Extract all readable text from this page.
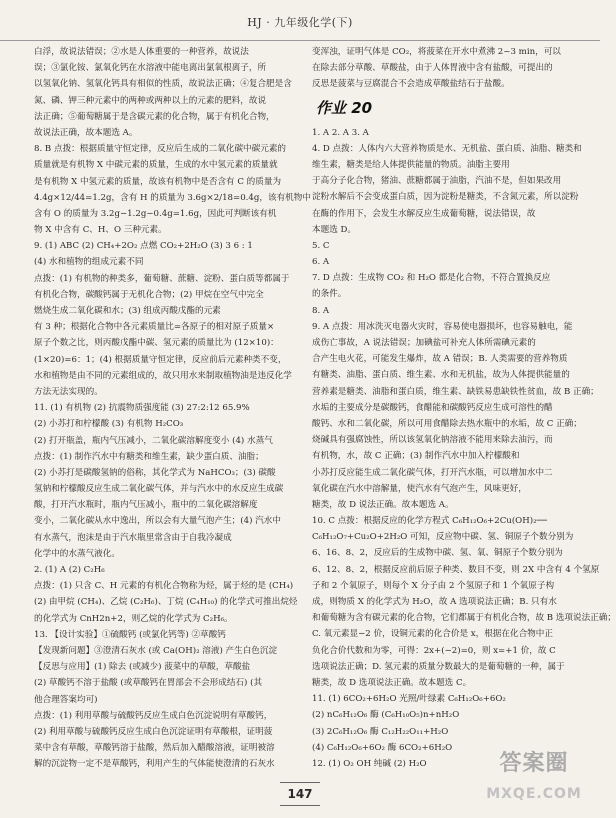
HJ · 九年级化学(下)
白浮，故说法错误；②水是人体重要的一种营养，故说法
误；③氯化铵、氯氧化钙在水溶液中能电离出氯氧根离子，所
以氢氧化钠、氢氧化钙具有相似的性质，故说法正确；④复合肥是含
氮、磷、钾三种元素中的两种或两种以上的元素的肥料，故说
法正确；⑤葡萄糖属于是含碳元素的化合物，属于有机化合物，
故说法正确，故本题选 A。
8. B 点拨：根据质量守恒定律，反应后生成的二氧化碳中碳元素的
质量就是有机物 X 中碳元素的质量，生成的水中氢元素的质量就
是有机物 X 中氢元素的质量，故该有机物中是否含有 C 的质量为
4.4g×12/44=1.2g，含有 H 的质量为 3.6g×2/18=0.4g，该有机物中
含有 O 的质量为 3.2g−1.2g−0.4g=1.6g，因此可判断该有机
物 X 中含有 C、H、O 三种元素。
9. (1) ABC (2) CH₄+2O₂ 点燃 CO₂+2H₂O (3) 3 6 : 1
(4) 水和植物的组成元素不同
点拨：(1) 有机物的种类多，葡萄糖、蔗糖、淀粉、蛋白质等都属于
有机化合物，碳酸钙属于无机化合物；(2) 甲烷在空气中完全
燃烧生成二氧化碳和水；(3) 组成丙酸戊酯的元素
有 3 种；根据化合物中各元素质量比=各原子的相对原子质量×
原子个数之比，则丙酸戊酯中碳、氢元素的质量比为 (12×10)：
(1×20)=6：1；(4) 根据质量守恒定律，反应前后元素种类不变，
水和植物是由不同的元素组成的，故只用水来制取植物油是违反化学
方法无法实现的。
11. (1) 有机物 (2) 抗震物质强度能 (3) 27:2:12 65.9%
(2) 小苏打和柠檬酸 (3) 有机物 H₂CO₃
(2) 打开瓶盖，瓶内气压减小，二氧化碳溶解度变小 (4) 水蒸气
点拨：(1) 制作汽水中有糖类和维生素，缺少蛋白质、油脂；
(2) 小苏打是碳酸氢钠的俗称，其化学式为 NaHCO₃；(3) 碳酸
氢钠和柠檬酸反应生成二氧化碳气体，并与汽水中的水反应生成碳
酸，打开汽水瓶时，瓶内气压减小，瓶中的二氧化碳溶解度
变小，二氧化碳从水中逸出，所以会有大量气泡产生；(4) 汽水中
有水蒸气，泡沫是由于汽水瓶里常含由于自我冷凝成
化学中的水蒸气液化。
2. (1) A (2) C₂H₆
点拨：(1) 只含 C、H 元素的有机化合物称为烃，属于烃的是 (CH₄)
(2) 由甲烷 (CH₄)、乙烷 (C₂H₆)、丁烷 (C₄H₁₀) 的化学式可推出烷烃
的化学式为 CnH2n+2，则乙烷的化学式为 C₂H₆。
13. 【设计实验】①硫酸钙 (或氯化钙等) ②草酸钙
【发现新问题】③澄清石灰水 (或 Ca(OH)₂ 溶液) 产生白色沉淀
【反思与应用】(1) 除去 (或减少) 菠菜中的草酸，草酸盐
(2) 草酸钙不溶于盐酸 (或草酸钙在胃部会不会形成结石) (其
他合理答案均可)
点拨：(1) 利用草酸与硫酸钙反应生成白色沉淀说明有草酸钙，
(2) 利用草酸与硫酸钙反应生成白色沉淀证明有草酸根，证明菠
菜中含有草酸，草酸钙溶于盐酸，然后加入醋酸溶液，证明被溶
解的沉淀物一定不是草酸钙，利用产生的气体能使澄清的石灰水
变浑浊，证明气体是 CO₂，将菠菜在开水中煮沸 2~3 min，可以
在除去部分草酸、草酸盐，由于人体胃液中含有盐酸，可提出的
反思是菠菜与豆腐混合不会造成草酸盐结石于盐酸。
作业 20
1. A 2. A 3. A
4. D 点拨：人体内六大营养物质是水、无机盐、蛋白质、油脂、糖类和
维生素，糖类是给人体提供能量的物质。油脂主要用
于高分子化合物，猪油、蔗糖都属于油脂，汽油不是，但如果改用
淀粉水解后不会变成蛋白质，因为淀粉是糖类，不含氮元素，所以淀粉
在酶的作用下，会发生水解反应生成葡萄糖，说法错误，故
本题选 D。
5. C
6. A
7. D 点拨：生成物 CO₂ 和 H₂O 都是化合物，不符合置换反应
的条件。
8. A
9. A 点拨：用冰洗灭电器火灾时，容易使电器损坏，也容易触电，能
成伤亡事故，A 说法错误；加碘盐可补充人体所需碘元素的
合产生电火花，可能发生爆炸，故 A 错误；B. 人类需要的营养物质
有糖类、油脂、蛋白质、维生素、水和无机盐，故为人体提供能量的
营养素是糖类、油脂和蛋白质，维生素、缺铁易患缺铁性贫血，故 B 正确；
水垢的主要成分是碳酸钙，食醋能和碳酸钙反应生成可溶性的醋
酸钙、水和二氧化碳，所以可用食醋除去热水瓶中的水垢，故 C 正确；
烧碱具有强腐蚀性，所以该氢氧化钠溶液不能用来除去油污，而
有机物，水，故 C 正确；(3) 制作汽水中加入柠檬酸和
小苏打反应能生成二氧化碳气体，打开汽水瓶，可以增加水中二
氧化碳在汽水中溶解量，使汽水有气泡产生，风味更好，
糖类，故 D 说法正确。故本题选 A。
10. C 点拨：根据反应的化学方程式 C₆H₁₂O₆+2Cu(OH)₂──
C₆H₁₂O₇+Cu₂O+2H₂O 可知，反应物中碳、氢、铜原子个数分别为
6、16、8、2，反应后的生成物中碳、氢、氧、铜原子个数分别为
6、12、8、2，根据反应前后原子种类、数目不变，则 2X 中含有 4 个氢原
子和 2 个氧原子，则每个 X 分子由 2 个氢原子和 1 个氧原子构
成，则物质 X 的化学式为 H₂O，故 A 选项说法正确；B. 只有水
和葡萄糖为含有碳元素的化合物，它们都属于有机化合物，故 B 选项说法正确；
C. 氧元素显−2 价，设铜元素的化合价是 x，根据在化合物中正
负化合价代数和为零，可得：2x+(−2)=0，则 x=+1 价，故 C
选项说法正确；D. 氢元素的质量分数最大的是葡萄糖的一种，属于
糖类，故 D 选项说法正确。故本题选 C。
11. (1) 6CO₂+6H₂O 光照/叶绿素 C₆H₁₂O₆+6O₂
(2) nC₆H₁₂O₆ 酶 (C₆H₁₀O₅)n+nH₂O
(3) 2C₆H₁₂O₆ 酶 C₁₂H₂₂O₁₁+H₂O
(4) C₆H₁₂O₆+6O₂ 酶 6CO₂+6H₂O
12. (1) O₂ OH 纯碱 (2) H₂O
147
答案圈
MXQE.COM
